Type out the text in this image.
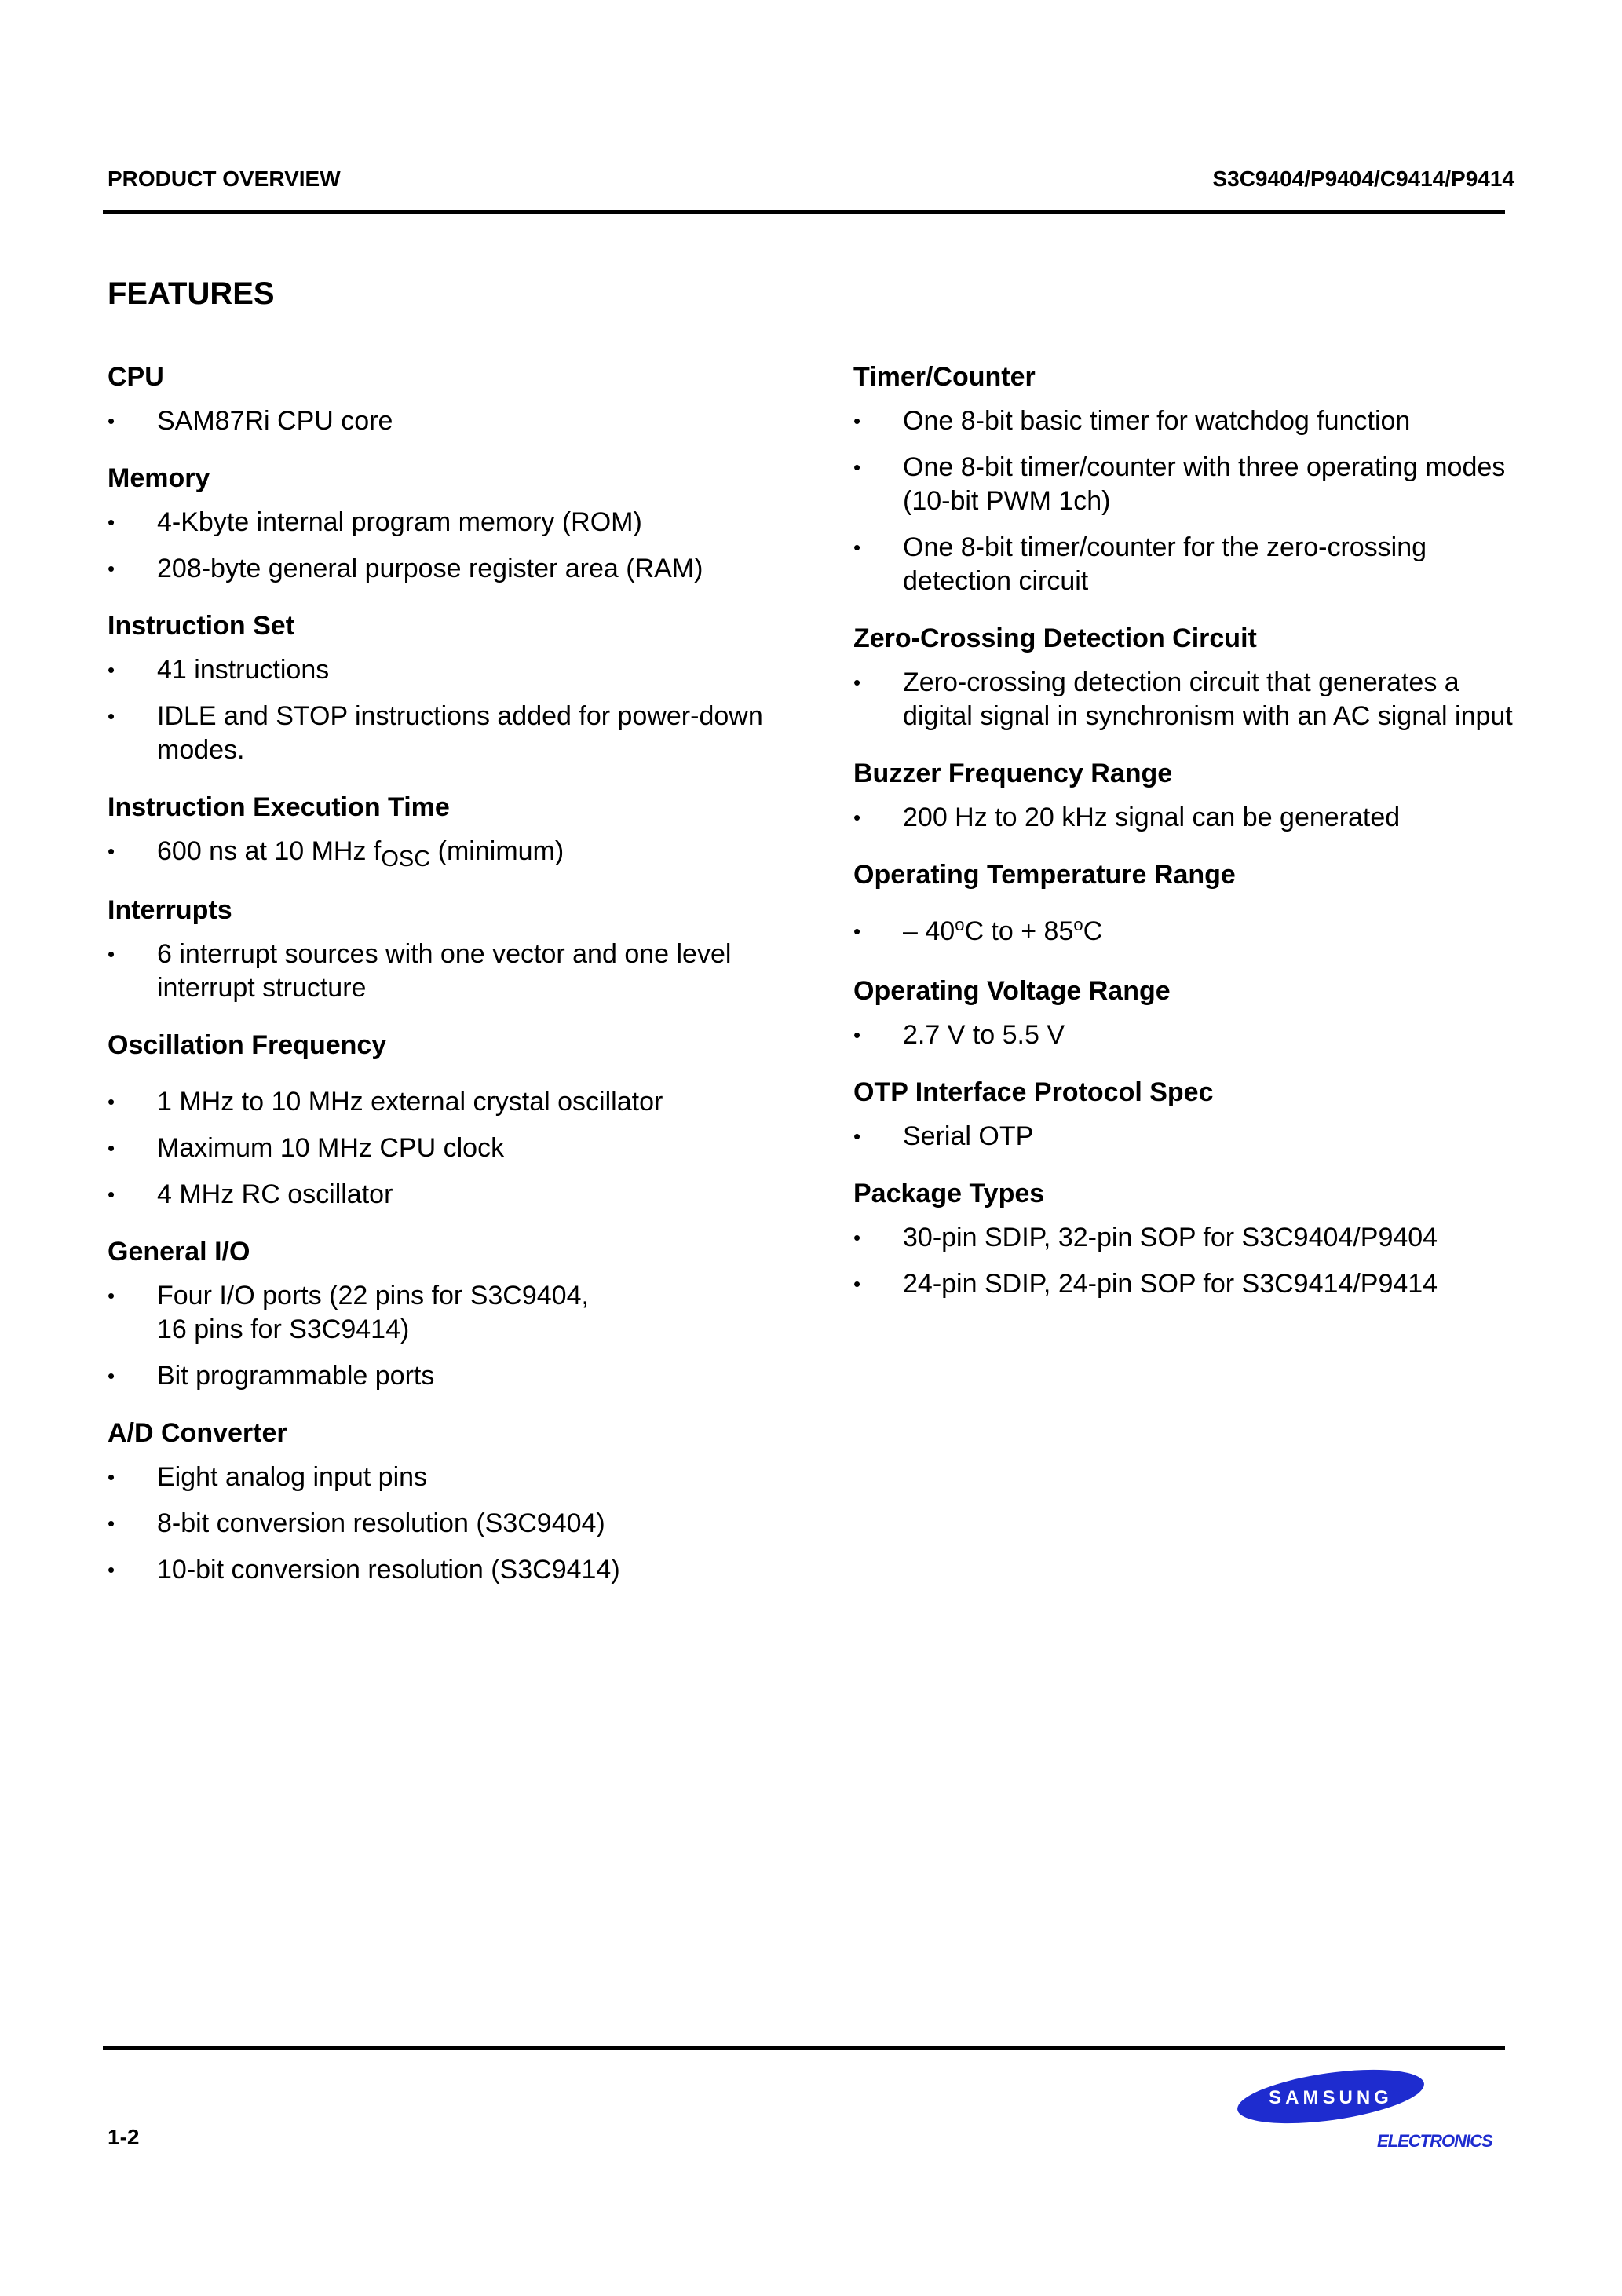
PRODUCT OVERVIEW	S3C9404/P9404/C9414/P9414
FEATURES
CPU
• SAM87Ri CPU core
Memory
• 4-Kbyte internal program memory (ROM)
• 208-byte general purpose register area (RAM)
Instruction Set
• 41 instructions
• IDLE and STOP instructions added for power-down modes.
Instruction Execution Time
• 600 ns at 10 MHz fOSC (minimum)
Interrupts
• 6 interrupt sources with one vector and one level interrupt structure
Oscillation Frequency
• 1 MHz to 10 MHz external crystal oscillator
• Maximum 10 MHz CPU clock
• 4 MHz RC oscillator
General I/O
• Four I/O ports (22 pins for S3C9404,
16 pins for S3C9414)
• Bit programmable ports
A/D Converter
• Eight analog input pins
• 8-bit conversion resolution (S3C9404)
• 10-bit conversion resolution (S3C9414)
Timer/Counter
• One 8-bit basic timer for watchdog function
• One 8-bit timer/counter with three operating modes (10-bit PWM 1ch)
• One 8-bit timer/counter for the zero-crossing detection circuit
Zero-Crossing Detection Circuit
• Zero-crossing detection circuit that generates a digital signal in synchronism with an AC signal input
Buzzer Frequency Range
• 200 Hz to 20 kHz signal can be generated
Operating Temperature Range
• – 40$^o$C to + $85^oC$
Operating Voltage Range
• 2.7 V to 5.5 V
OTP Interface Protocol Spec
• Serial OTP
Package Types
• 30-pin SDIP, 32-pin SOP for S3C9404/P9404
• 24-pin SDIP, 24-pin SOP for S3C9414/P9414
1-2
SAMSUNG
ELECTRONICS
